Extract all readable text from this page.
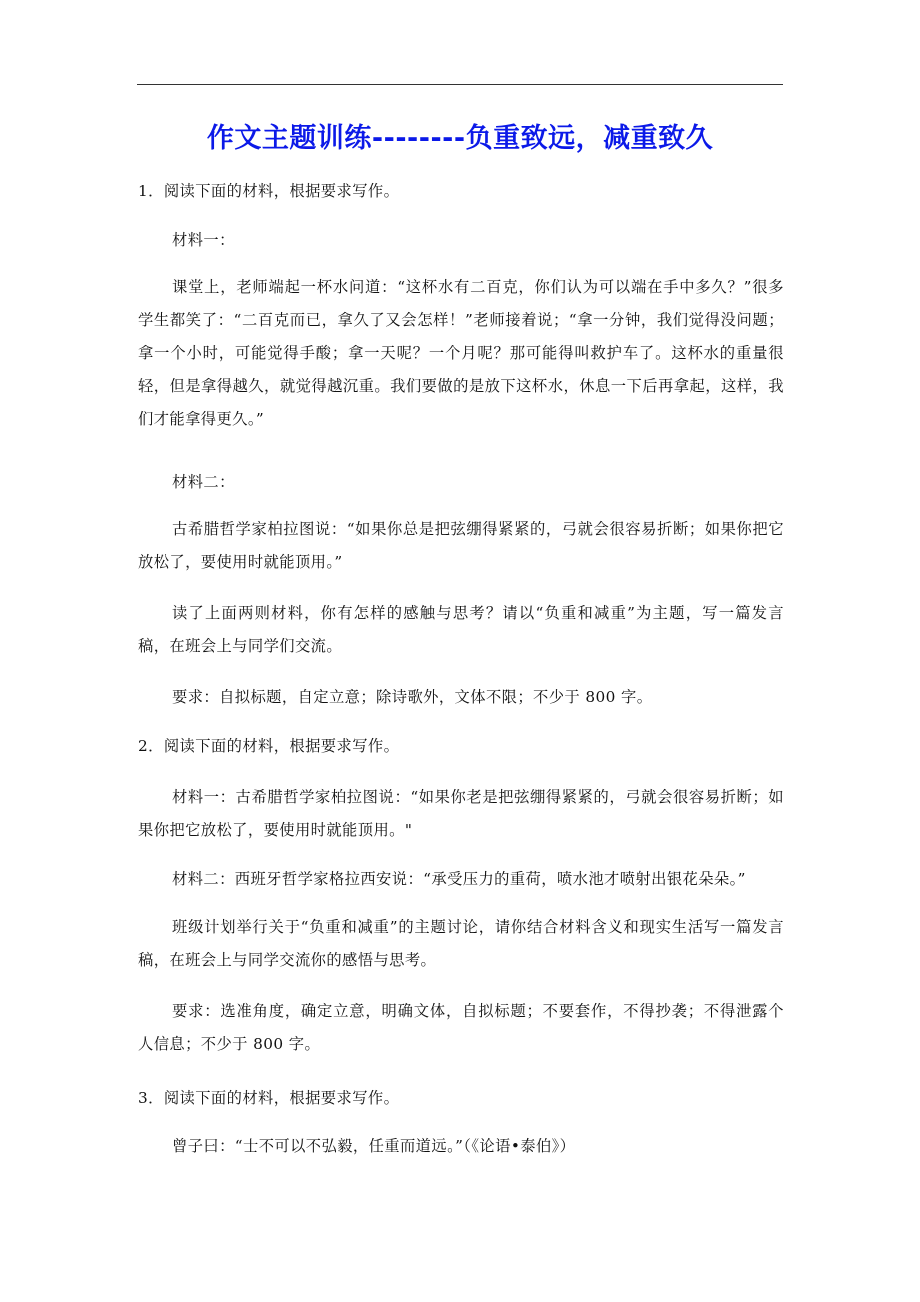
作文主题训练--------负重致远，减重致久

1．阅读下面的材料，根据要求写作。

材料一：

课堂上，老师端起一杯水问道：“这杯水有二百克，你们认为可以端在手中多久？”很多学生都笑了：“二百克而已，拿久了又会怎样！”老师接着说；“拿一分钟，我们觉得没问题；拿一个小时，可能觉得手酸；拿一天呢？一个月呢？那可能得叫救护车了。这杯水的重量很轻，但是拿得越久，就觉得越沉重。我们要做的是放下这杯水，休息一下后再拿起，这样，我们才能拿得更久。”

材料二：

古希腊哲学家柏拉图说：“如果你总是把弦绷得紧紧的，弓就会很容易折断；如果你把它放松了，要使用时就能顶用。”

读了上面两则材料，你有怎样的感触与思考？请以“负重和减重”为主题，写一篇发言稿，在班会上与同学们交流。

要求：自拟标题，自定立意；除诗歌外，文体不限；不少于 800 字。

2．阅读下面的材料，根据要求写作。

材料一：古希腊哲学家柏拉图说：“如果你老是把弦绷得紧紧的，弓就会很容易折断；如果你把它放松了，要使用时就能顶用。"

材料二：西班牙哲学家格拉西安说：“承受压力的重荷，喷水池才喷射出银花朵朵。”

班级计划举行关于“负重和减重”的主题讨论，请你结合材料含义和现实生活写一篇发言稿，在班会上与同学交流你的感悟与思考。

要求：选准角度，确定立意，明确文体，自拟标题；不要套作，不得抄袭；不得泄露个人信息；不少于 800 字。

3．阅读下面的材料，根据要求写作。

曾子曰：“士不可以不弘毅，任重而道远。”（《论语•泰伯》）
